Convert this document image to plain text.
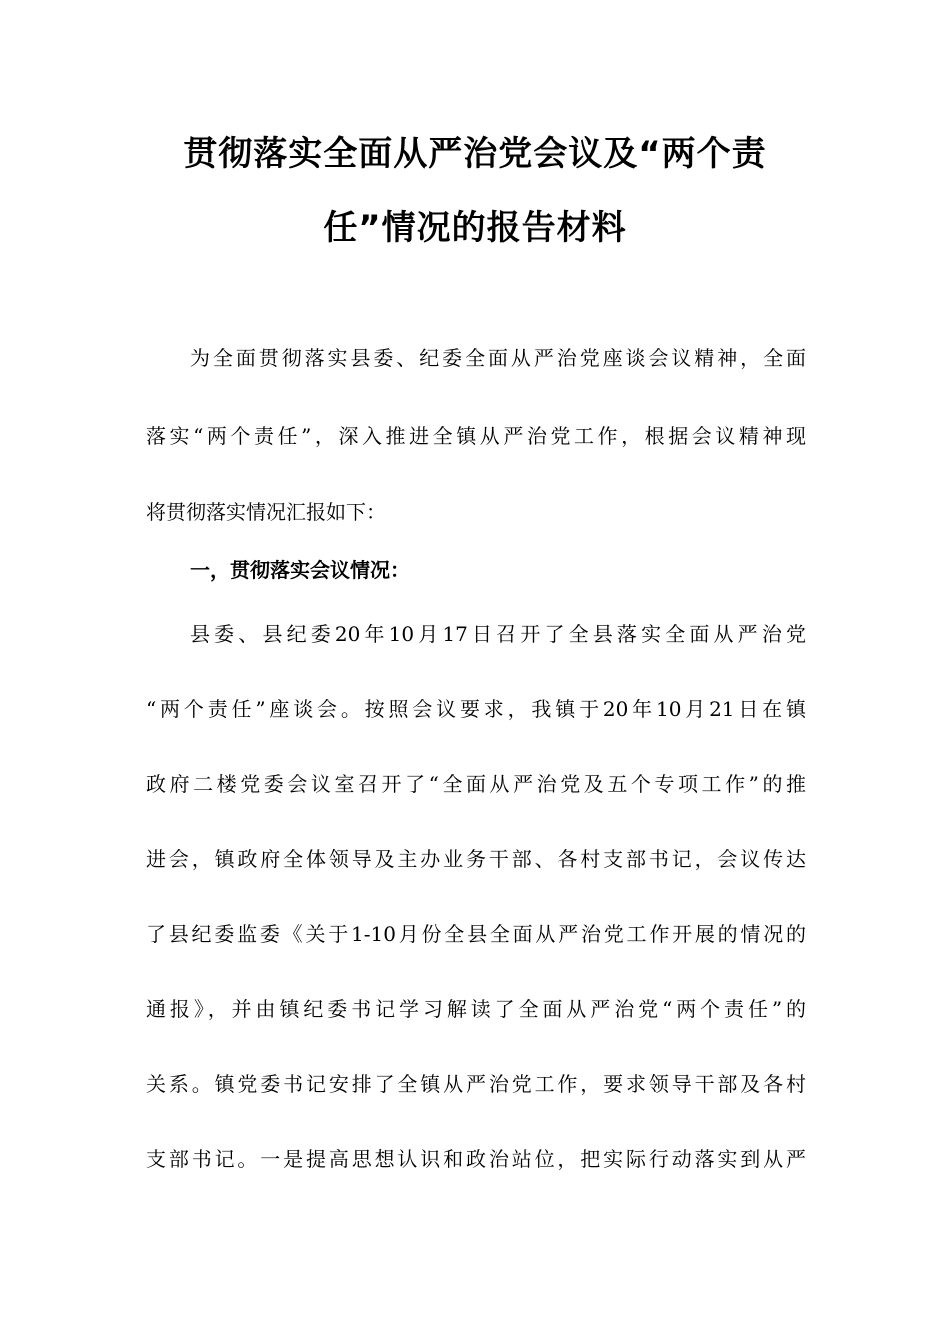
贯彻落实全面从严治党会议及“两个责
任”情况的报告材料

为全面贯彻落实县委、纪委全面从严治党座谈会议精神，全面

落实“两个责任”，深入推进全镇从严治党工作，根据会议精神现

将贯彻落实情况汇报如下：

一，贯彻落实会议情况：

县委、县纪委20年10月17日召开了全县落实全面从严治党

“两个责任”座谈会。按照会议要求，我镇于20年10月21日在镇

政府二楼党委会议室召开了“全面从严治党及五个专项工作”的推

进会，镇政府全体领导及主办业务干部、各村支部书记，会议传达

了县纪委监委《关于1-10月份全县全面从严治党工作开展的情况的

通报》，并由镇纪委书记学习解读了全面从严治党“两个责任”的

关系。镇党委书记安排了全镇从严治党工作，要求领导干部及各村

支部书记。一是提高思想认识和政治站位，把实际行动落实到从严
